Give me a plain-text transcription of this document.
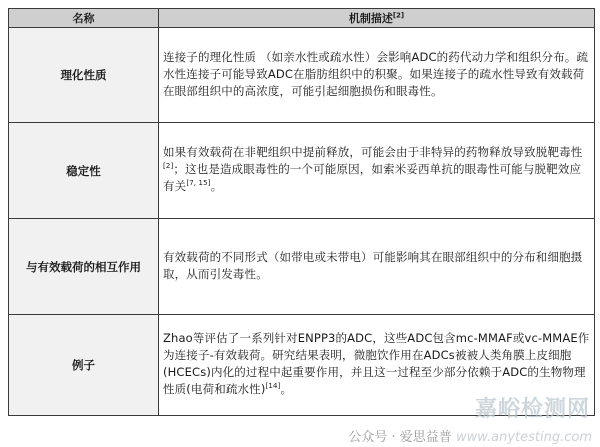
名称	机制描述[2]
理化性质	连接子的理化性质 （如亲水性或疏水性）会影响ADC的药代动力学和组织分布。疏水性连接子可能导致ADC在脂肪组织中的积聚。如果连接子的疏水性导致有效载荷在眼部组织中的高浓度，可能引起细胞损伤和眼毒性。
稳定性	如果有效载荷在非靶组织中提前释放，可能会由于非特异的药物释放导致脱靶毒性[2]；这也是造成眼毒性的一个可能原因，如索米妥西单抗的眼毒性可能与脱靶效应有关[7, 15]。
与有效载荷的相互作用	有效载荷的不同形式（如带电或未带电）可能影响其在眼部组织中的分布和细胞摄取，从而引发毒性。
例子	Zhao等评估了一系列针对ENPP3的ADC，这些ADC包含mc-MMAF或vc-MMAE作为连接子-有效载荷。研究结果表明，微胞饮作用在ADCs被被人类角膜上皮细胞(HCECs)内化的过程中起重要作用，并且这一过程至少部分依赖于ADC的生物物理性质(电荷和疏水性)[14]。
嘉峪检测网
公众号 · 爱思益普 www.anytesting.com
